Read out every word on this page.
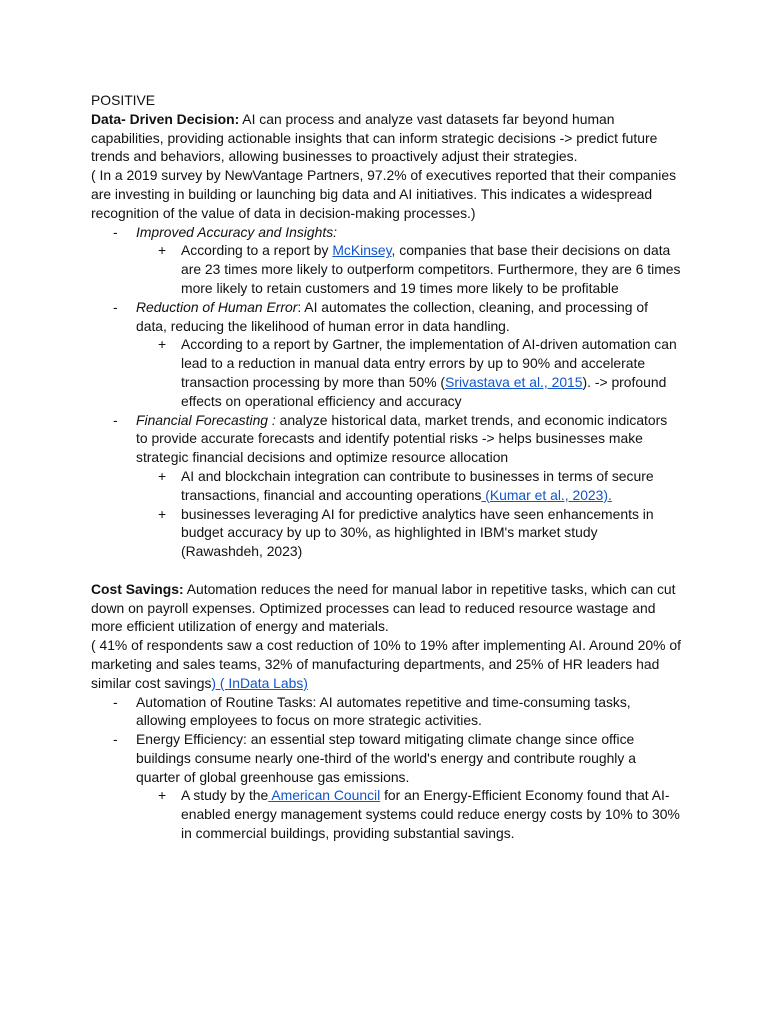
POSITIVE

Data- Driven Decision: AI can process and analyze vast datasets far beyond human capabilities, providing actionable insights that can inform strategic decisions -> predict future trends and behaviors, allowing businesses to proactively adjust their strategies.

( In a 2019 survey by NewVantage Partners, 97.2% of executives reported that their companies are investing in building or launching big data and AI initiatives. This indicates a widespread recognition of the value of data in decision-making processes.)

- Improved Accuracy and Insights:
+ According to a report by McKinsey, companies that base their decisions on data are 23 times more likely to outperform competitors. Furthermore, they are 6 times more likely to retain customers and 19 times more likely to be profitable
- Reduction of Human Error: AI automates the collection, cleaning, and processing of data, reducing the likelihood of human error in data handling.
+ According to a report by Gartner, the implementation of AI-driven automation can lead to a reduction in manual data entry errors by up to 90% and accelerate transaction processing by more than 50% (Srivastava et al., 2015). -> profound effects on operational efficiency and accuracy
- Financial Forecasting : analyze historical data, market trends, and economic indicators to provide accurate forecasts and identify potential risks -> helps businesses make strategic financial decisions and optimize resource allocation
+ AI and blockchain integration can contribute to businesses in terms of secure transactions, financial and accounting operations (Kumar et al., 2023).
+ businesses leveraging AI for predictive analytics have seen enhancements in budget accuracy by up to 30%, as highlighted in IBM's market study (Rawashdeh, 2023)

Cost Savings: Automation reduces the need for manual labor in repetitive tasks, which can cut down on payroll expenses. Optimized processes can lead to reduced resource wastage and more efficient utilization of energy and materials.

( 41% of respondents saw a cost reduction of 10% to 19% after implementing AI. Around 20% of marketing and sales teams, 32% of manufacturing departments, and 25% of HR leaders had similar cost savings) ( InData Labs)

- Automation of Routine Tasks: AI automates repetitive and time-consuming tasks, allowing employees to focus on more strategic activities.
- Energy Efficiency: an essential step toward mitigating climate change since office buildings consume nearly one-third of the world's energy and contribute roughly a quarter of global greenhouse gas emissions.
+ A study by the American Council for an Energy-Efficient Economy found that AI-enabled energy management systems could reduce energy costs by 10% to 30% in commercial buildings, providing substantial savings.
